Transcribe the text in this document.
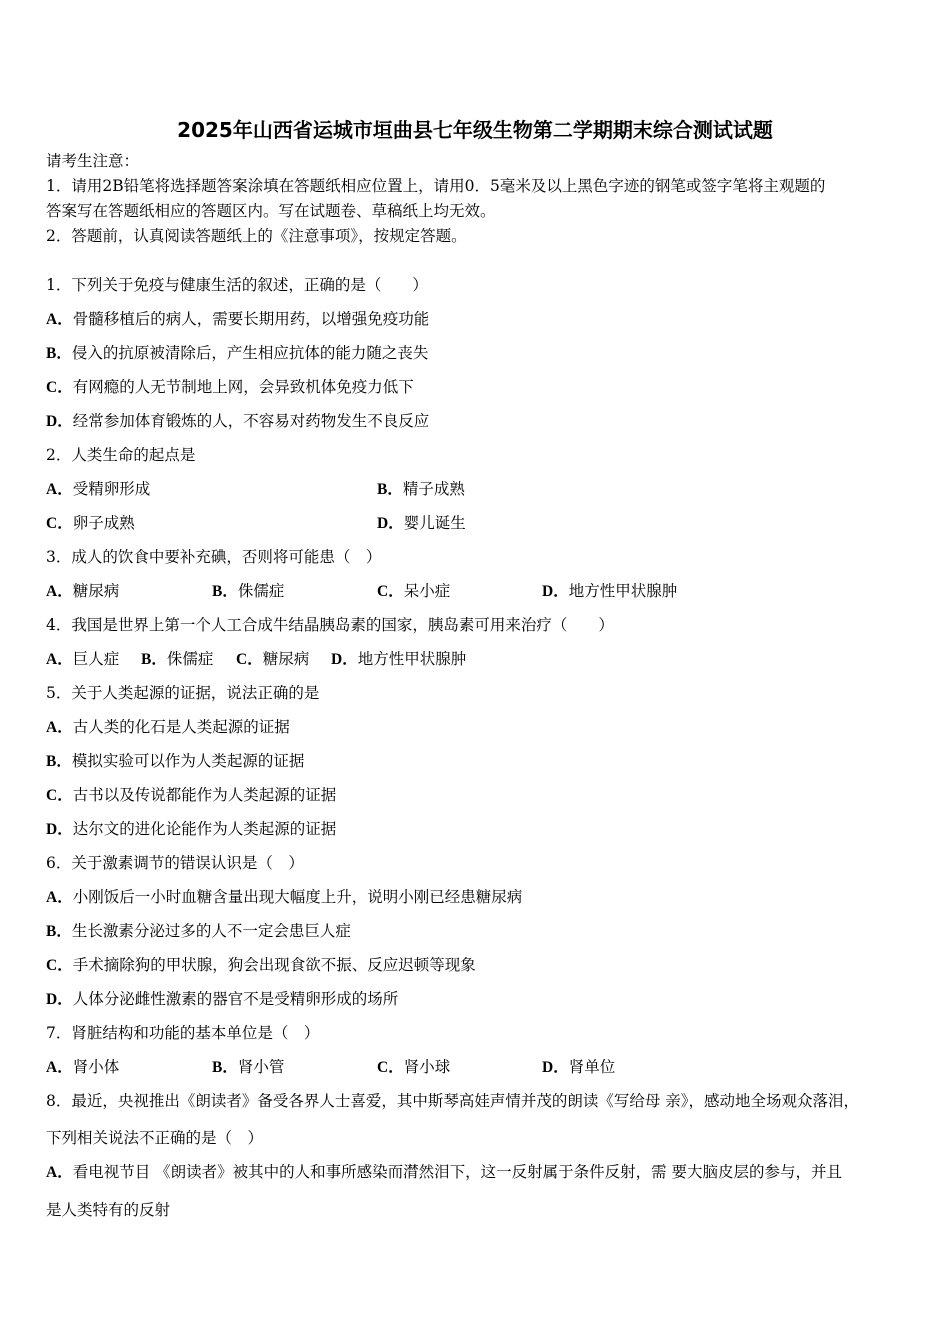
2025年山西省运城市垣曲县七年级生物第二学期期末综合测试试题
请考生注意：
1．请用2B铅笔将选择题答案涂填在答题纸相应位置上，请用0．5毫米及以上黑色字迹的钢笔或签字笔将主观题的
答案写在答题纸相应的答题区内。写在试题卷、草稿纸上均无效。
2．答题前，认真阅读答题纸上的《注意事项》，按规定答题。
1．下列关于免疫与健康生活的叙述，正确的是（　　）
A．骨髓移植后的病人，需要长期用药，以增强免疫功能
B．侵入的抗原被清除后，产生相应抗体的能力随之丧失
C．有网瘾的人无节制地上网，会异致机体免疫力低下
D．经常参加体育锻炼的人，不容易对药物发生不良反应
2．人类生命的起点是
A．受精卵形成	B．精子成熟
C．卵子成熟	D．婴儿诞生
3．成人的饮食中要补充碘，否则将可能患（　）
A．糖尿病	B．侏儒症	C．呆小症	D．地方性甲状腺肿
4．我国是世界上第一个人工合成牛结晶胰岛素的国家，胰岛素可用来治疗（　　）
A．巨人症 B．侏儒症 C．糖尿病 D．地方性甲状腺肿
5．关于人类起源的证据，说法正确的是
A．古人类的化石是人类起源的证据
B．模拟实验可以作为人类起源的证据
C．古书以及传说都能作为人类起源的证据
D．达尔文的进化论能作为人类起源的证据
6．关于激素调节的错误认识是（　）
A．小刚饭后一小时血糖含量出现大幅度上升，说明小刚已经患糖尿病
B．生长激素分泌过多的人不一定会患巨人症
C．手术摘除狗的甲状腺，狗会出现食欲不振、反应迟顿等现象
D．人体分泌雌性激素的器官不是受精卵形成的场所
7．肾脏结构和功能的基本单位是（　）
A．肾小体	B．肾小管	C．肾小球	D．肾单位
8．最近，央视推出《朗读者》备受各界人士喜爱，其中斯琴高娃声情并茂的朗读《写给母 亲》，感动地全场观众落泪，
下列相关说法不正确的是（　）
A．看电视节目 《朗读者》被其中的人和事所感染而潸然泪下，这一反射属于条件反射，需 要大脑皮层的参与，并且
是人类特有的反射
